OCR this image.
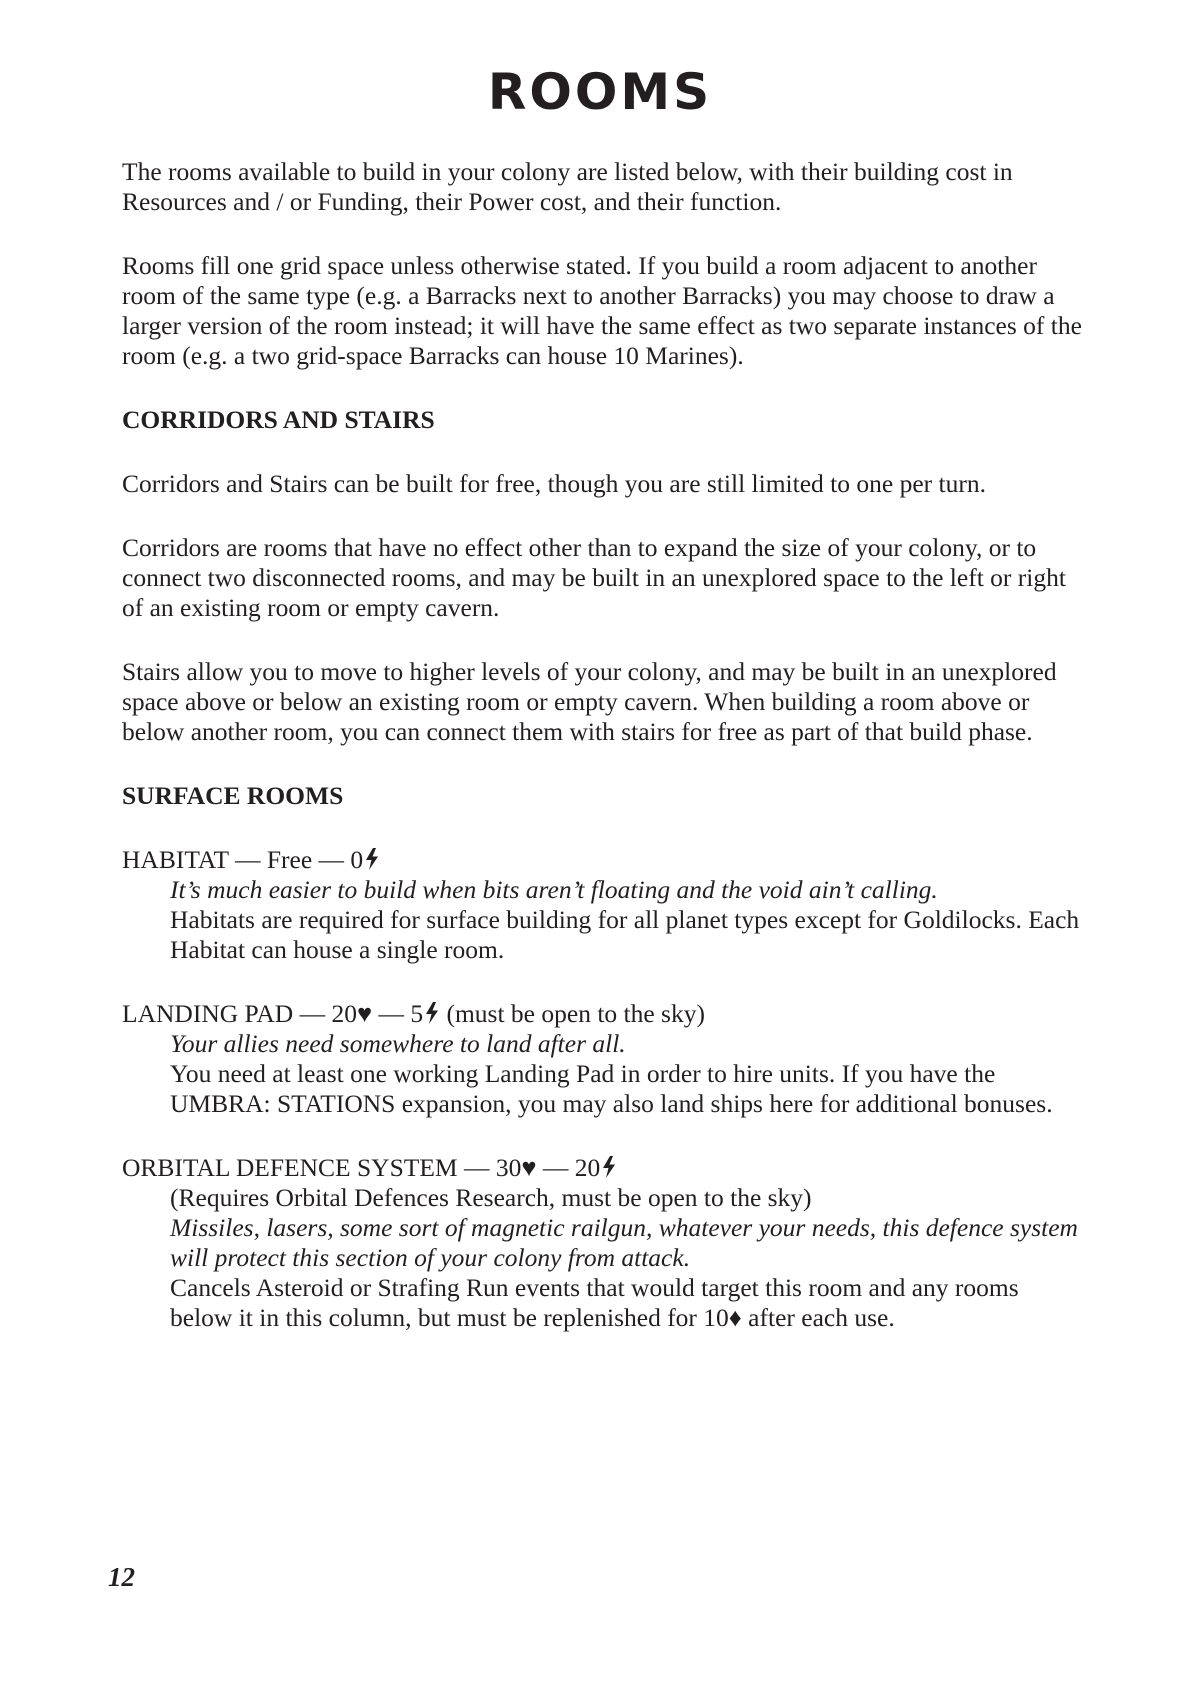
ROOMS

The rooms available to build in your colony are listed below, with their building cost in Resources and / or Funding, their Power cost, and their function.

Rooms fill one grid space unless otherwise stated. If you build a room adjacent to another room of the same type (e.g. a Barracks next to another Barracks) you may choose to draw a larger version of the room instead; it will have the same effect as two separate instances of the room (e.g. a two grid-space Barracks can house 10 Marines).

CORRIDORS AND STAIRS

Corridors and Stairs can be built for free, though you are still limited to one per turn.

Corridors are rooms that have no effect other than to expand the size of your colony, or to connect two disconnected rooms, and may be built in an unexplored space to the left or right of an existing room or empty cavern.

Stairs allow you to move to higher levels of your colony, and may be built in an unexplored space above or below an existing room or empty cavern. When building a room above or below another room, you can connect them with stairs for free as part of that build phase.

SURFACE ROOMS

HABITAT — Free — 0

It’s much easier to build when bits aren’t floating and the void ain’t calling.

Habitats are required for surface building for all planet types except for Goldilocks. Each Habitat can house a single room.

LANDING PAD — 20♥ — 5 (must be open to the sky)

Your allies need somewhere to land after all.

You need at least one working Landing Pad in order to hire units. If you have the UMBRA: STATIONS expansion, you may also land ships here for additional bonuses.

ORBITAL DEFENCE SYSTEM — 30♥ — 20

(Requires Orbital Defences Research, must be open to the sky)

Missiles, lasers, some sort of magnetic railgun, whatever your needs, this defence system will protect this section of your colony from attack.

Cancels Asteroid or Strafing Run events that would target this room and any rooms below it in this column, but must be replenished for 10♦ after each use.

12
